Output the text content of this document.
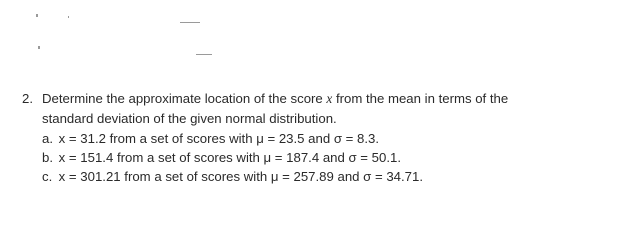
2. Determine the approximate location of the score x from the mean in terms of the
standard deviation of the given normal distribution.
a. x = 31.2 from a set of scores with μ = 23.5 and σ = 8.3.
b. x = 151.4 from a set of scores with μ = 187.4 and σ = 50.1.
c. x = 301.21 from a set of scores with μ = 257.89 and σ = 34.71.
